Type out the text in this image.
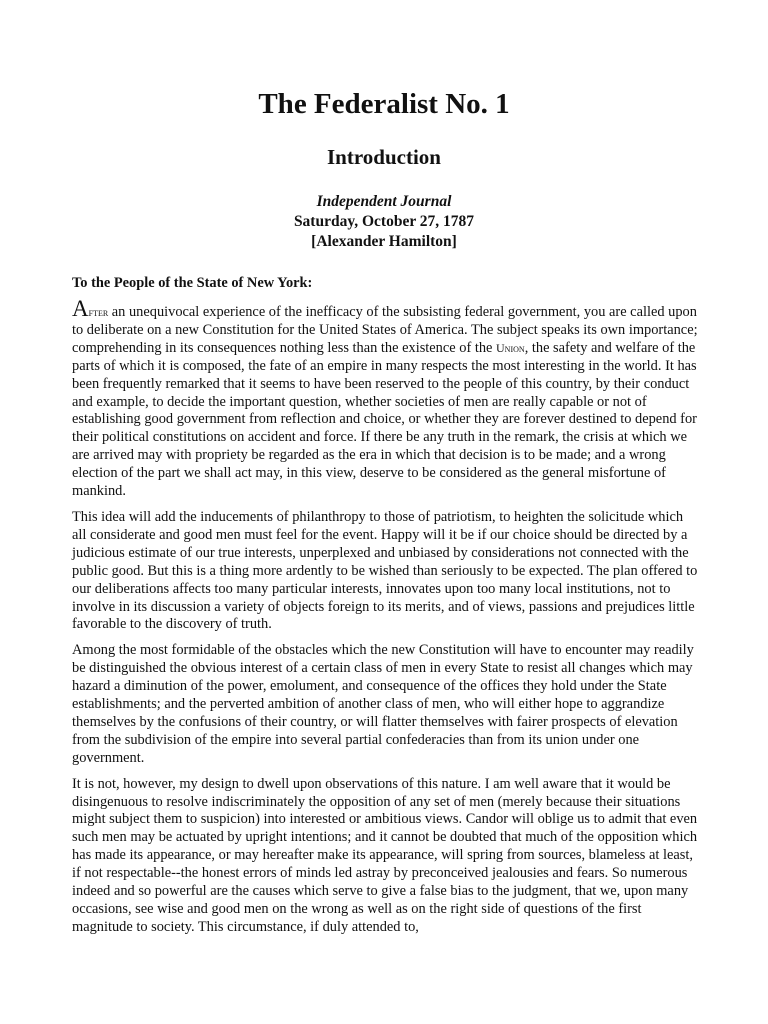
The Federalist No. 1
Introduction
Independent Journal
Saturday, October 27, 1787
[Alexander Hamilton]
To the People of the State of New York:

After an unequivocal experience of the inefficacy of the subsisting federal government, you are called upon to deliberate on a new Constitution for the United States of America. The subject speaks its own importance; comprehending in its consequences nothing less than the existence of the Union, the safety and welfare of the parts of which it is composed, the fate of an empire in many respects the most interesting in the world. It has been frequently remarked that it seems to have been reserved to the people of this country, by their conduct and example, to decide the important question, whether societies of men are really capable or not of establishing good government from reflection and choice, or whether they are forever destined to depend for their political constitutions on accident and force. If there be any truth in the remark, the crisis at which we are arrived may with propriety be regarded as the era in which that decision is to be made; and a wrong election of the part we shall act may, in this view, deserve to be considered as the general misfortune of mankind.

This idea will add the inducements of philanthropy to those of patriotism, to heighten the solicitude which all considerate and good men must feel for the event. Happy will it be if our choice should be directed by a judicious estimate of our true interests, unperplexed and unbiased by considerations not connected with the public good. But this is a thing more ardently to be wished than seriously to be expected. The plan offered to our deliberations affects too many particular interests, innovates upon too many local institutions, not to involve in its discussion a variety of objects foreign to its merits, and of views, passions and prejudices little favorable to the discovery of truth.

Among the most formidable of the obstacles which the new Constitution will have to encounter may readily be distinguished the obvious interest of a certain class of men in every State to resist all changes which may hazard a diminution of the power, emolument, and consequence of the offices they hold under the State establishments; and the perverted ambition of another class of men, who will either hope to aggrandize themselves by the confusions of their country, or will flatter themselves with fairer prospects of elevation from the subdivision of the empire into several partial confederacies than from its union under one government.

It is not, however, my design to dwell upon observations of this nature. I am well aware that it would be disingenuous to resolve indiscriminately the opposition of any set of men (merely because their situations might subject them to suspicion) into interested or ambitious views. Candor will oblige us to admit that even such men may be actuated by upright intentions; and it cannot be doubted that much of the opposition which has made its appearance, or may hereafter make its appearance, will spring from sources, blameless at least, if not respectable--the honest errors of minds led astray by preconceived jealousies and fears. So numerous indeed and so powerful are the causes which serve to give a false bias to the judgment, that we, upon many occasions, see wise and good men on the wrong as well as on the right side of questions of the first magnitude to society. This circumstance, if duly attended to,
